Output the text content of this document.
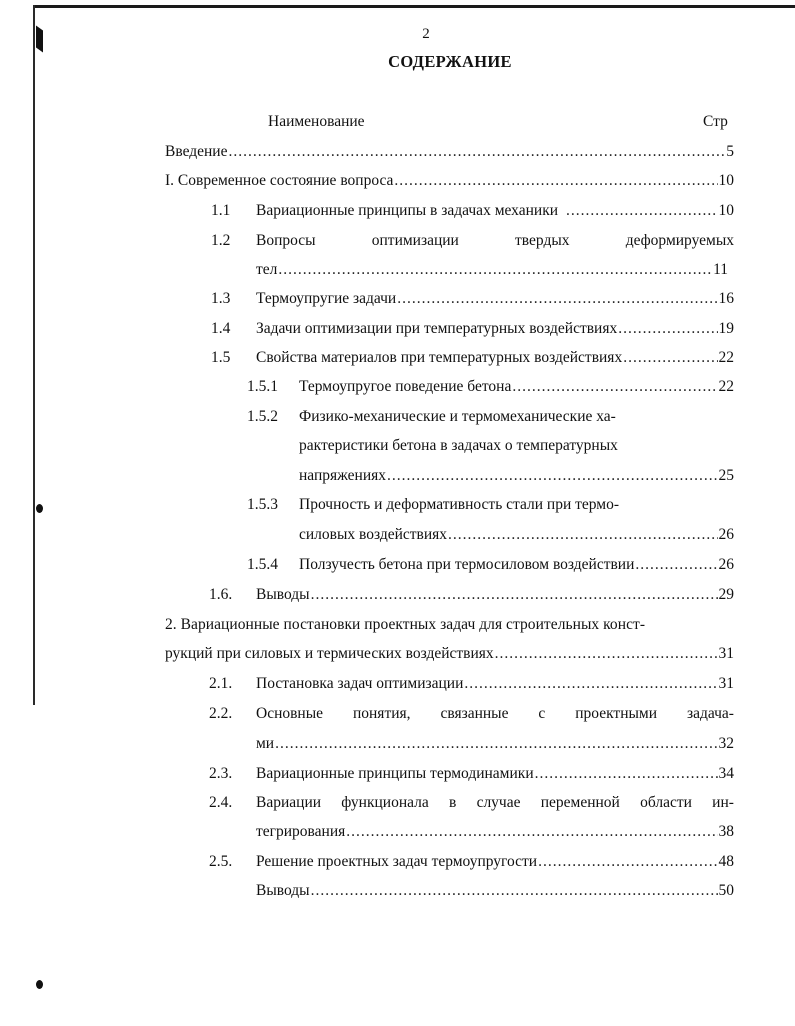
2
СОДЕРЖАНИЕ
Наименование	Стр
Введение .....	5
I. Современное состояние вопроса .....	10
1.1 Вариационные принципы в задачах механики .....	10
1.2 Вопросы	оптимизации	твердых	деформируемых
тел .....	11
1.3 Термоупругие задачи .....	16
1.4 Задачи оптимизации при температурных воздействиях .....	19
1.5 Свойства материалов при температурных воздействиях .....	22
1.5.1 Термоупругое поведение бетона .....	22
1.5.2 Физико-механические и термомеханические ха-
рактеристики бетона в задачах о температурных
напряжениях .....	25
1.5.3 Прочность и деформативность стали при термо-
силовых воздействиях .....	26
1.5.4 Ползучесть бетона при термосиловом воздействии .....	26
1.6. Выводы .....	29
2. Вариационные постановки проектных задач для строительных конст-
рукций при силовых и термических воздействиях .....	31
2.1. Постановка задач оптимизации .....	31
2.2. Основные понятия, связанные с проектными задача-
ми .....	32
2.3. Вариационные принципы термодинамики .....	34
2.4. Вариации функционала в случае переменной области ин-
тегрирования .....	38
2.5. Решение проектных задач термоупругости .....	48
Выводы .....	50
